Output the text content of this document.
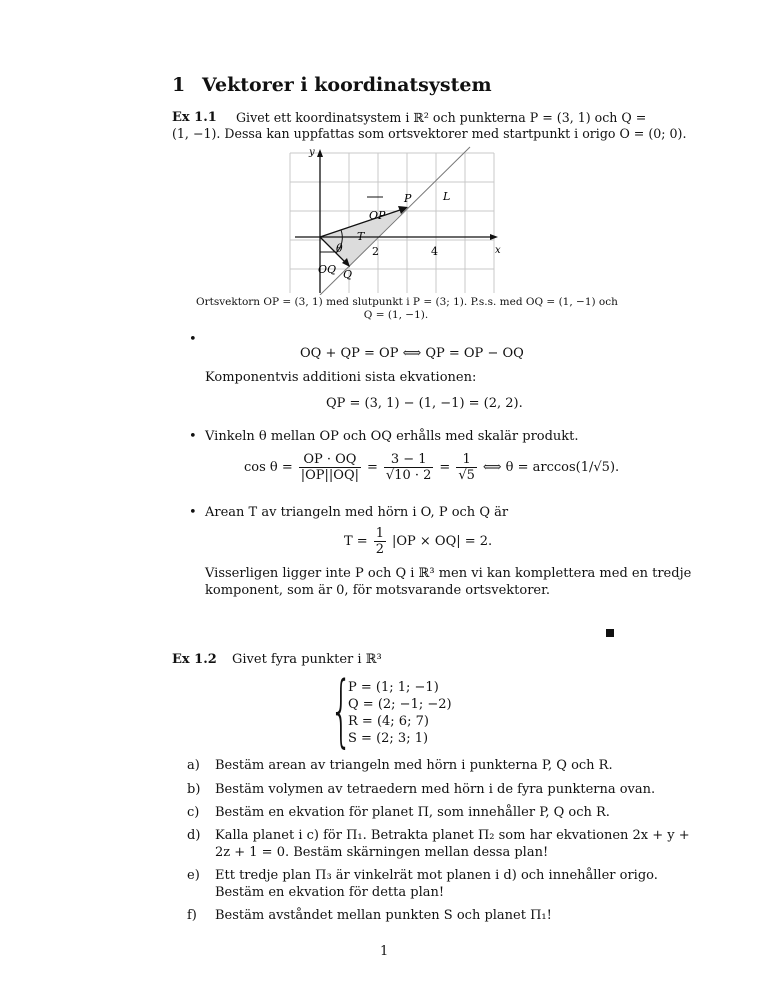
1 Vektorer i koordinatsystem
Ex 1.1 Givet ett koordinatsystem i ℝ² och punkterna P = (3, 1) och Q =
(1, −1). Dessa kan uppfattas som ortsvektorer med startpunkt i origo O = (0; 0).
y
x
2	4
P
Q
L
T
θ
OP
OQ
Ortsvektorn OP = (3, 1) med slutpunkt i P = (3; 1). P.s.s. med OQ = (1, −1) och
Q = (1, −1).
•
OQ + QP = OP ⟺ QP = OP − OQ
Komponentvis additioni sista ekvationen:
QP = (3, 1) − (1, −1) = (2, 2).
• Vinkeln θ mellan OP och OQ erhålls med skalär produkt.
$\cos \theta = \frac{OP \cdot OQ}{|OP||OQ|} = \frac{3 - 1}{√10 \cdot 2} = \frac{1}{√5}$ ⟺ θ = arccos(1/√5).
• Arean T av triangeln med hörn i O, P och Q är
$T = \frac{1}{2} |OP \times OQ| = 2$.
Visserligen ligger inte P och Q i ℝ³ men vi kan komplettera med en tredje
komponent, som är 0, för motsvarande ortsvektorer.
Ex 1.2 Givet fyra punkter i ℝ³
{
P = (1; 1; −1)
Q = (2; −1; −2)
R = (4; 6; 7)
S = (2; 3; 1)
a) Bestäm arean av triangeln med hörn i punkterna P, Q och R.
b) Bestäm volymen av tetraedern med hörn i de fyra punkterna ovan.
c) Bestäm en ekvation för planet Π, som innehåller P, Q och R.
d) Kalla planet i c) för Π₁. Betrakta planet Π₂ som har ekvationen 2x + y +
2z + 1 = 0. Bestäm skärningen mellan dessa plan!
e) Ett tredje plan Π₃ är vinkelrät mot planen i d) och innehåller origo.
Bestäm en ekvation för detta plan!
f) Bestäm avståndet mellan punkten S och planet Π₁!
1
